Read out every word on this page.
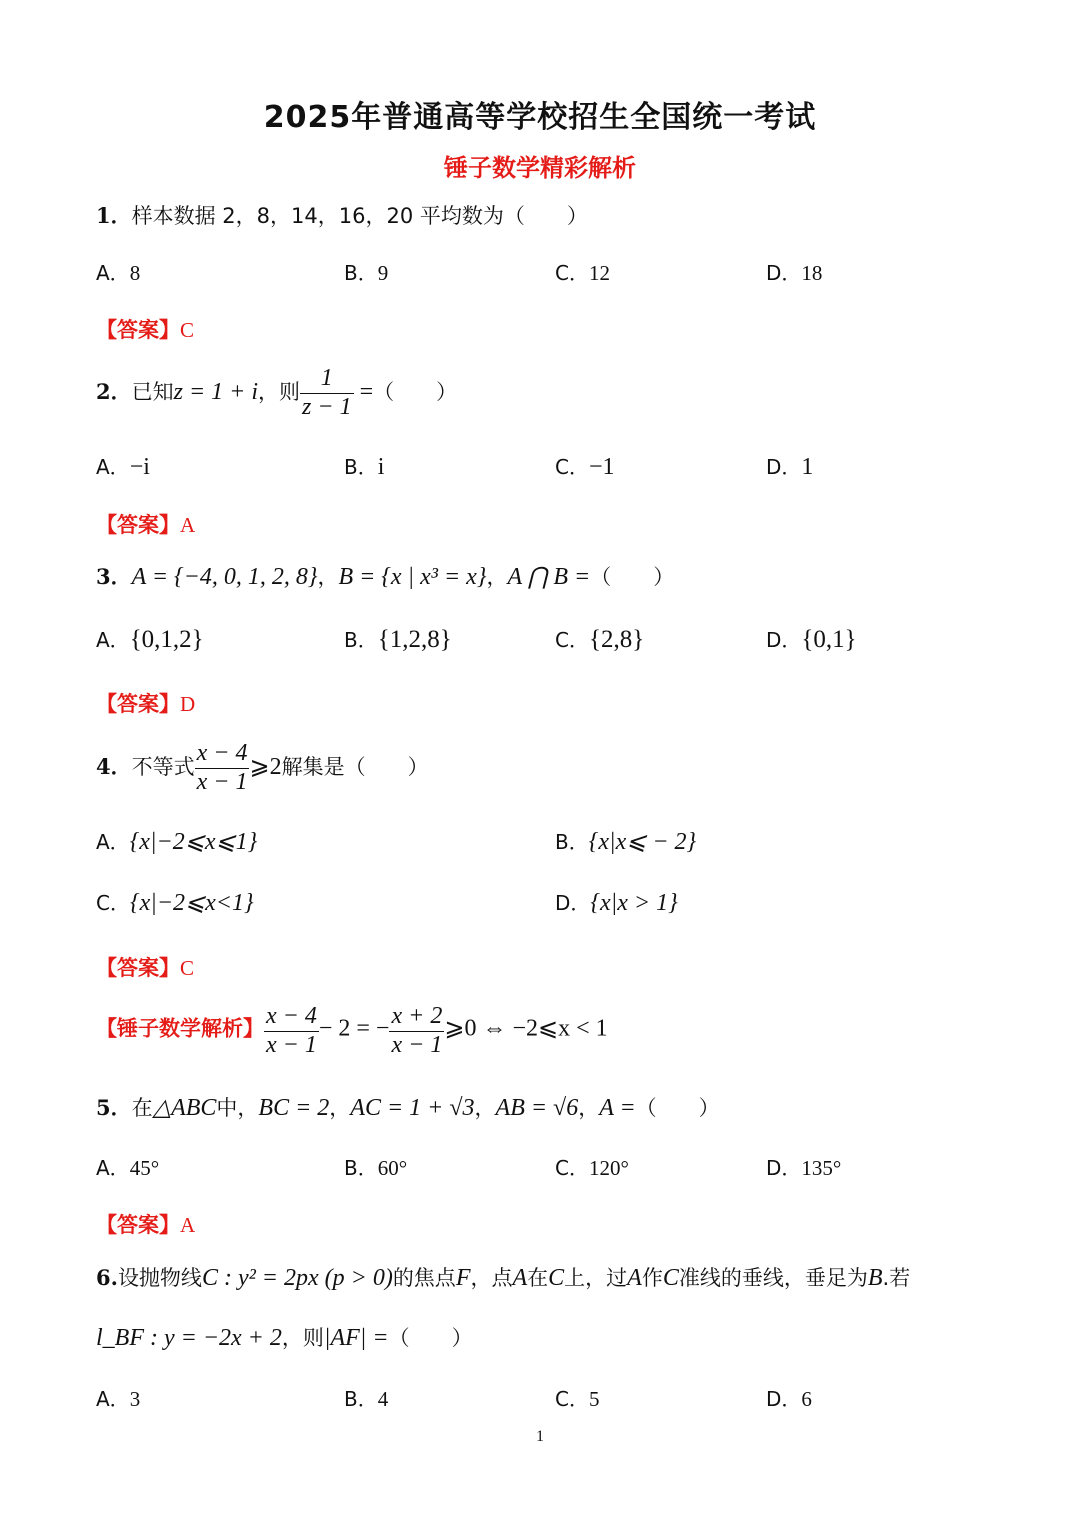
2025年普通高等学校招生全国统一考试
锤子数学精彩解析
1．样本数据 2，8，14，16，20 平均数为（　　）
A．8	B．9	C．12	D．18
【答案】C
2．已知z = 1 + i，则 $\frac{1}{z - 1}$ =（　　）
A．−i	B．i	C．−1	D．1
【答案】A
3．A = {−4, 0, 1, 2, 8}，B = {x | x³ = x}，A ⋂ B =（　　）
A．{0,1,2}	B．{1,2,8}	C．{2,8}	D．{0,1}
【答案】D
4．不等式 $\frac{x - 4}{x - 1}$ ⩾2解集是（　　）
A．{x|−2⩽x⩽1}	B．{x|x⩽ − 2}
C．{x|−2⩽x<1}	D．{x|x > 1}
【答案】C
【锤子数学解析】 $\frac{x - 4}{x - 1} - 2$ = − $\frac{x + 2}{x - 1}$ ⩾0 ⇔ −2⩽x < 1
5．在△ABC中，BC = 2，AC = 1 + √3，AB = √6，A =（　　）
A．45°	B．60°	C．120°	D．135°
【答案】A
6.设抛物线C : y² = 2px (p > 0)的焦点F，点A在C上，过A作C准线的垂线，垂足为B.若
l_BF : y = −2x + 2，则|AF| =（　　）
A．3	B．4	C．5	D．6
1
